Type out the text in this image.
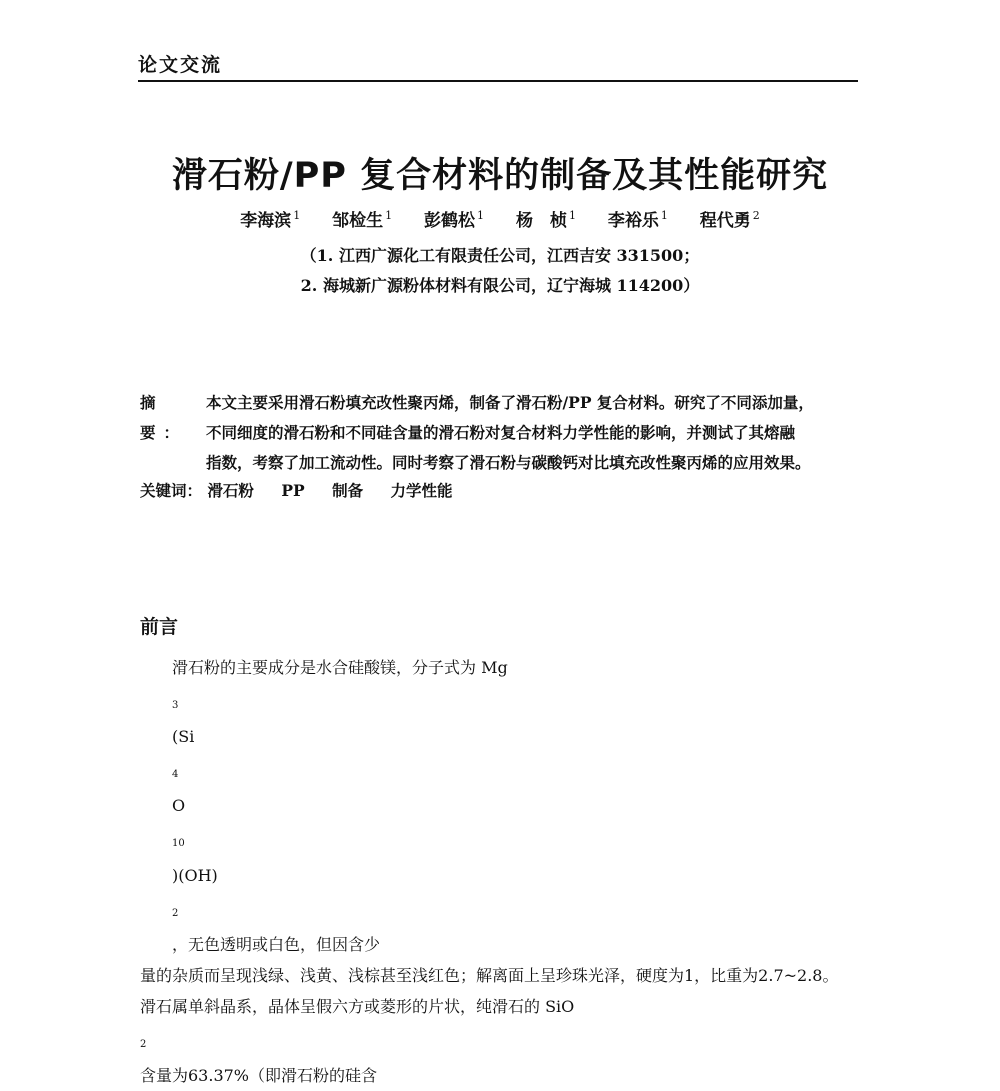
论文交流
滑石粉/PP 复合材料的制备及其性能研究
李海滨 $^1$ 邹检生 $^1$ 彭鹤松 $^1$ 杨　桢 $^1$ 李裕乐 $^1$ 程代勇 $^2$
（1. 江西广源化工有限责任公司，江西吉安 331500；
2. 海城新广源粉体材料有限公司，辽宁海城 114200）
摘　要：
本文主要采用滑石粉填充改性聚丙烯，制备了滑石粉/PP 复合材料。研究了不同添加量，
不同细度的滑石粉和不同硅含量的滑石粉对复合材料力学性能的影响，并测试了其熔融
指数，考察了加工流动性。同时考察了滑石粉与碳酸钙对比填充改性聚丙烯的应用效果。
关键词： 滑石粉 PP 制备 力学性能
前言
滑石粉的主要成分是水合硅酸镁，分子式为 Mg
$_3$
(Si
$_4$
O
$_{10}$
)(OH)
$_2$
，无色透明或白色，但因含少
量的杂质而呈现浅绿、浅黄、浅棕甚至浅红色；解离面上呈珍珠光泽，硬度为1，比重为2.7~2.8。
滑石属单斜晶系，晶体呈假六方或菱形的片状，纯滑石的 SiO
$_2$
含量为63.37%（即滑石粉的硅含
